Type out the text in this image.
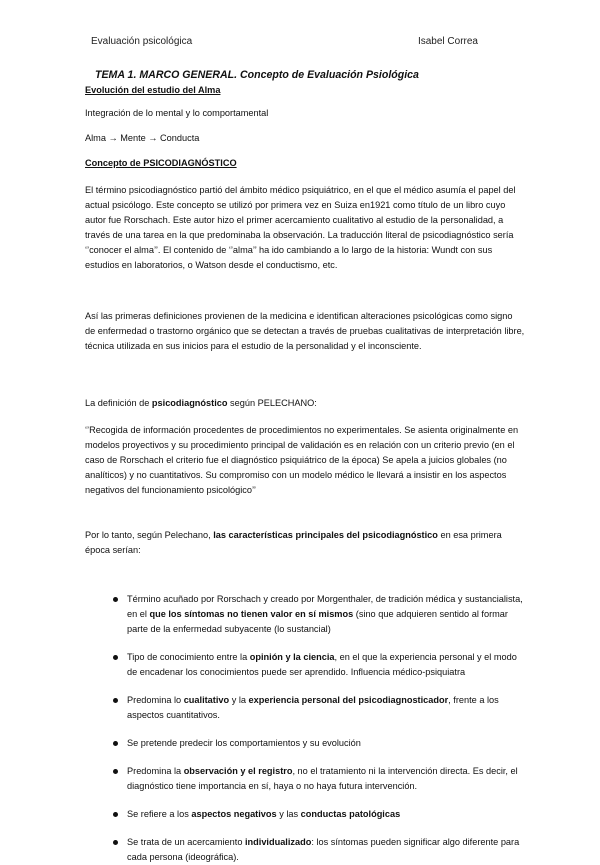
Evaluación psicológica	Isabel Correa
TEMA 1. MARCO GENERAL. Concepto de Evaluación Psiológica

Evolución del estudio del Alma

Integración de lo mental y lo comportamental

Alma → Mente → Conducta

Concepto de PSICODIAGNÓSTICO

El término psicodiagnóstico partió del ámbito médico psiquiátrico, en el que el médico asumía el papel del actual psicólogo. Este concepto se utilizó por primera vez en Suiza en1921 como título de un libro cuyo autor fue Rorschach. Este autor hizo el primer acercamiento cualitativo al estudio de la personalidad, a través de una tarea en la que predominaba la observación. La traducción literal de psicodiagnóstico sería ‘’conocer el alma’’. El contenido de ‘’alma’’ ha ido cambiando a lo largo de la historia: Wundt con sus estudios en laboratorios, o Watson desde el conductismo, etc.

Así las primeras definiciones provienen de la medicina e identifican alteraciones psicológicas como signo de enfermedad o trastorno orgánico que se detectan a través de pruebas cualitativas de interpretación libre, técnica utilizada en sus inicios para el estudio de la personalidad y el inconsciente.

La definición de psicodiagnóstico según PELECHANO:

‘’Recogida de información procedentes de procedimientos no experimentales. Se asienta originalmente en modelos proyectivos y su procedimiento principal de validación es en relación con un criterio previo (en el caso de Rorschach el criterio fue el diagnóstico psiquiátrico de la época) Se apela a juicios globales (no analíticos) y no cuantitativos. Su compromiso con un modelo médico le llevará a insistir en los aspectos negativos del funcionamiento psicológico’’

Por lo tanto, según Pelechano, las características principales del psicodiagnóstico en esa primera época serían:

Término acuñado por Rorschach y creado por Morgenthaler, de tradición médica y sustancialista, en el que los síntomas no tienen valor en sí mismos (sino que adquieren sentido al formar parte de la enfermedad subyacente (lo sustancial)
Tipo de conocimiento entre la opinión y la ciencia, en el que la experiencia personal y el modo de encadenar los conocimientos puede ser aprendido. Influencia médico-psiquiatra
Predomina lo cualitativo y la experiencia personal del psicodiagnosticador, frente a los aspectos cuantitativos.
Se pretende predecir los comportamientos y su evolución
Predomina la observación y el registro, no el tratamiento ni la intervención directa. Es decir, el diagnóstico tiene importancia en sí, haya o no haya futura intervención.
Se refiere a los aspectos negativos y las conductas patológicas
Se trata de un acercamiento individualizado: los síntomas pueden significar algo diferente para cada persona (ideográfica).
